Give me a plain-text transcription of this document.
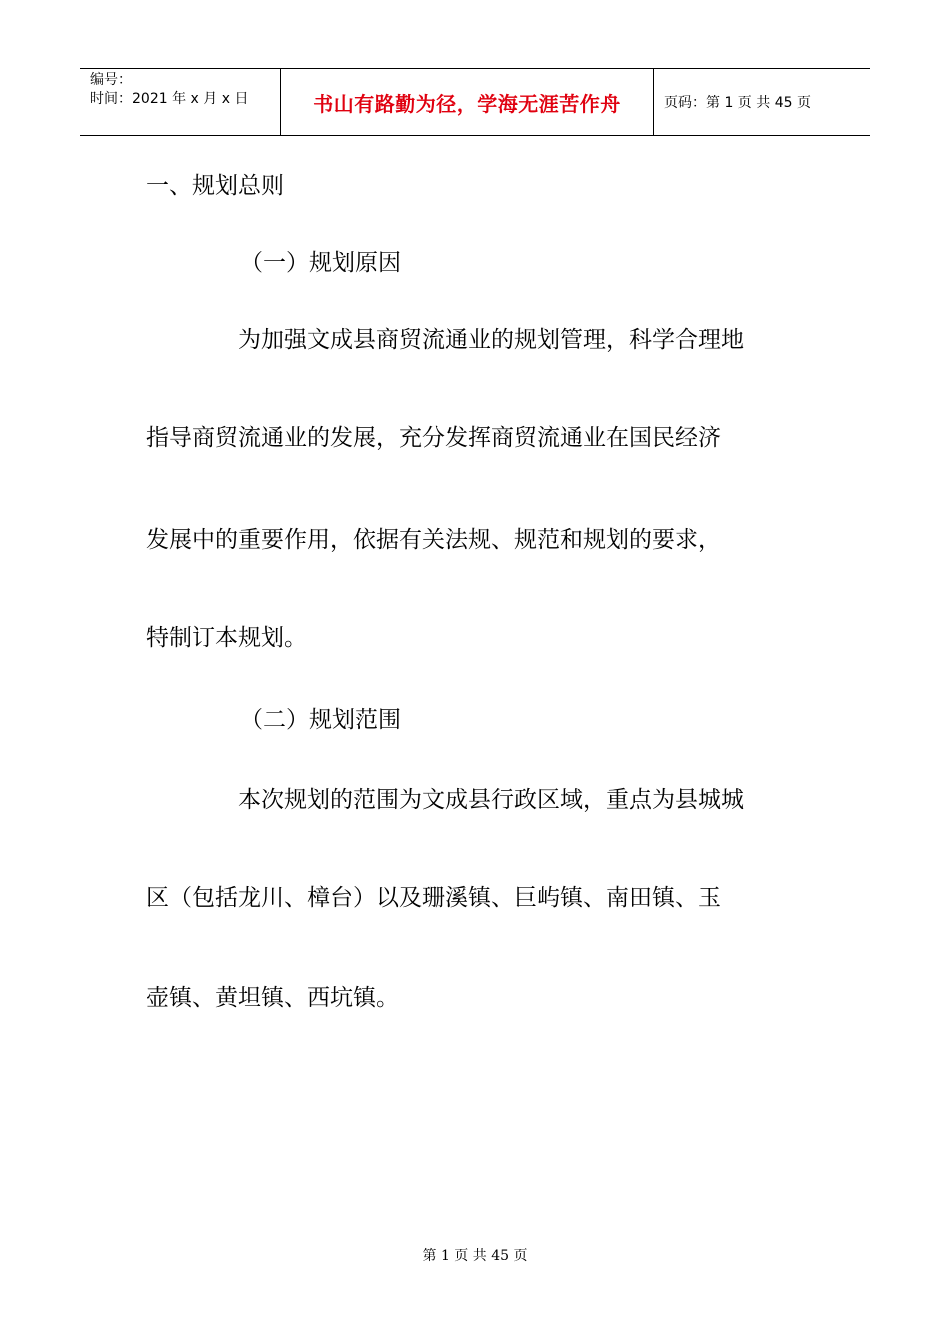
编号：
时间：2021 年 x 月 x 日	书山有路勤为径，学海无涯苦作舟	页码：第 1 页 共 45 页
一、规划总则
（一）规划原因
为加强文成县商贸流通业的规划管理，科学合理地
指导商贸流通业的发展，充分发挥商贸流通业在国民经济
发展中的重要作用，依据有关法规、规范和规划的要求，
特制订本规划。
（二）规划范围
本次规划的范围为文成县行政区域，重点为县城城
区（包括龙川、樟台）以及珊溪镇、巨屿镇、南田镇、玉
壶镇、黄坦镇、西坑镇。
第 1 页 共 45 页
